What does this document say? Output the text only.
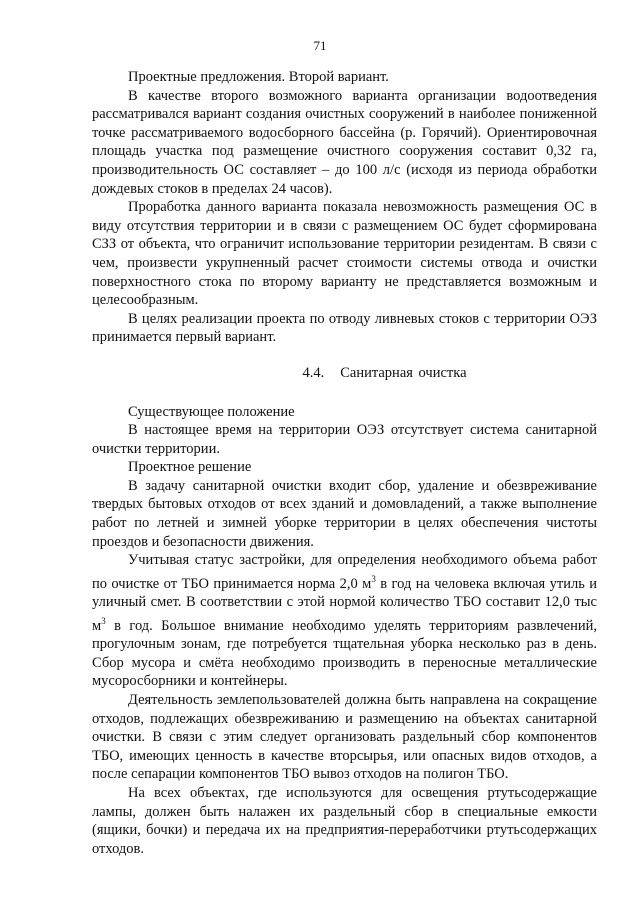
71

Проектные предложения. Второй вариант.

В качестве второго возможного варианта организации водоотведения рассматривался вариант создания очистных сооружений в наиболее пониженной точке рассматриваемого водосборного бассейна (р. Горячий). Ориентировочная площадь участка под размещение очистного сооружения составит 0,32 га, производительность ОС составляет – до 100 л/с (исходя из периода обработки дождевых стоков в пределах 24 часов).

Проработка данного варианта показала невозможность размещения ОС в виду отсутствия территории и в связи с размещением ОС будет сформирована СЗЗ от объекта, что ограничит использование территории резидентам. В связи с чем, произвести укрупненный расчет стоимости системы отвода и очистки поверхностного стока по второму варианту не представляется возможным и целесообразным.

В целях реализации проекта по отводу ливневых стоков с территории ОЭЗ принимается первый вариант.

4.4. Санитарная очистка

Существующее положение

В настоящее время на территории ОЭЗ отсутствует система санитарной очистки территории.

Проектное решение

В задачу санитарной очистки входит сбор, удаление и обезвреживание твердых бытовых отходов от всех зданий и домовладений, а также выполнение работ по летней и зимней уборке территории в целях обеспечения чистоты проездов и безопасности движения.

Учитывая статус застройки, для определения необходимого объема работ по очистке от ТБО принимается норма 2,0 $м^3$ в год на человека включая утиль и уличный смет. В соответствии с этой нормой количество ТБО составит 12,0 тыс $м^3$ в год. Большое внимание необходимо уделять территориям развлечений, прогулочным зонам, где потребуется тщательная уборка несколько раз в день. Сбор мусора и смёта необходимо производить в переносные металлические мусоросборники и контейнеры.

Деятельность землепользователей должна быть направлена на сокращение отходов, подлежащих обезвреживанию и размещению на объектах санитарной очистки. В связи с этим следует организовать раздельный сбор компонентов ТБО, имеющих ценность в качестве вторсырья, или опасных видов отходов, а после сепарации компонентов ТБО вывоз отходов на полигон ТБО.

На всех объектах, где используются для освещения ртутьсодержащие лампы, должен быть налажен их раздельный сбор в специальные емкости (ящики, бочки) и передача их на предприятия-переработчики ртутьсодержащих отходов.
